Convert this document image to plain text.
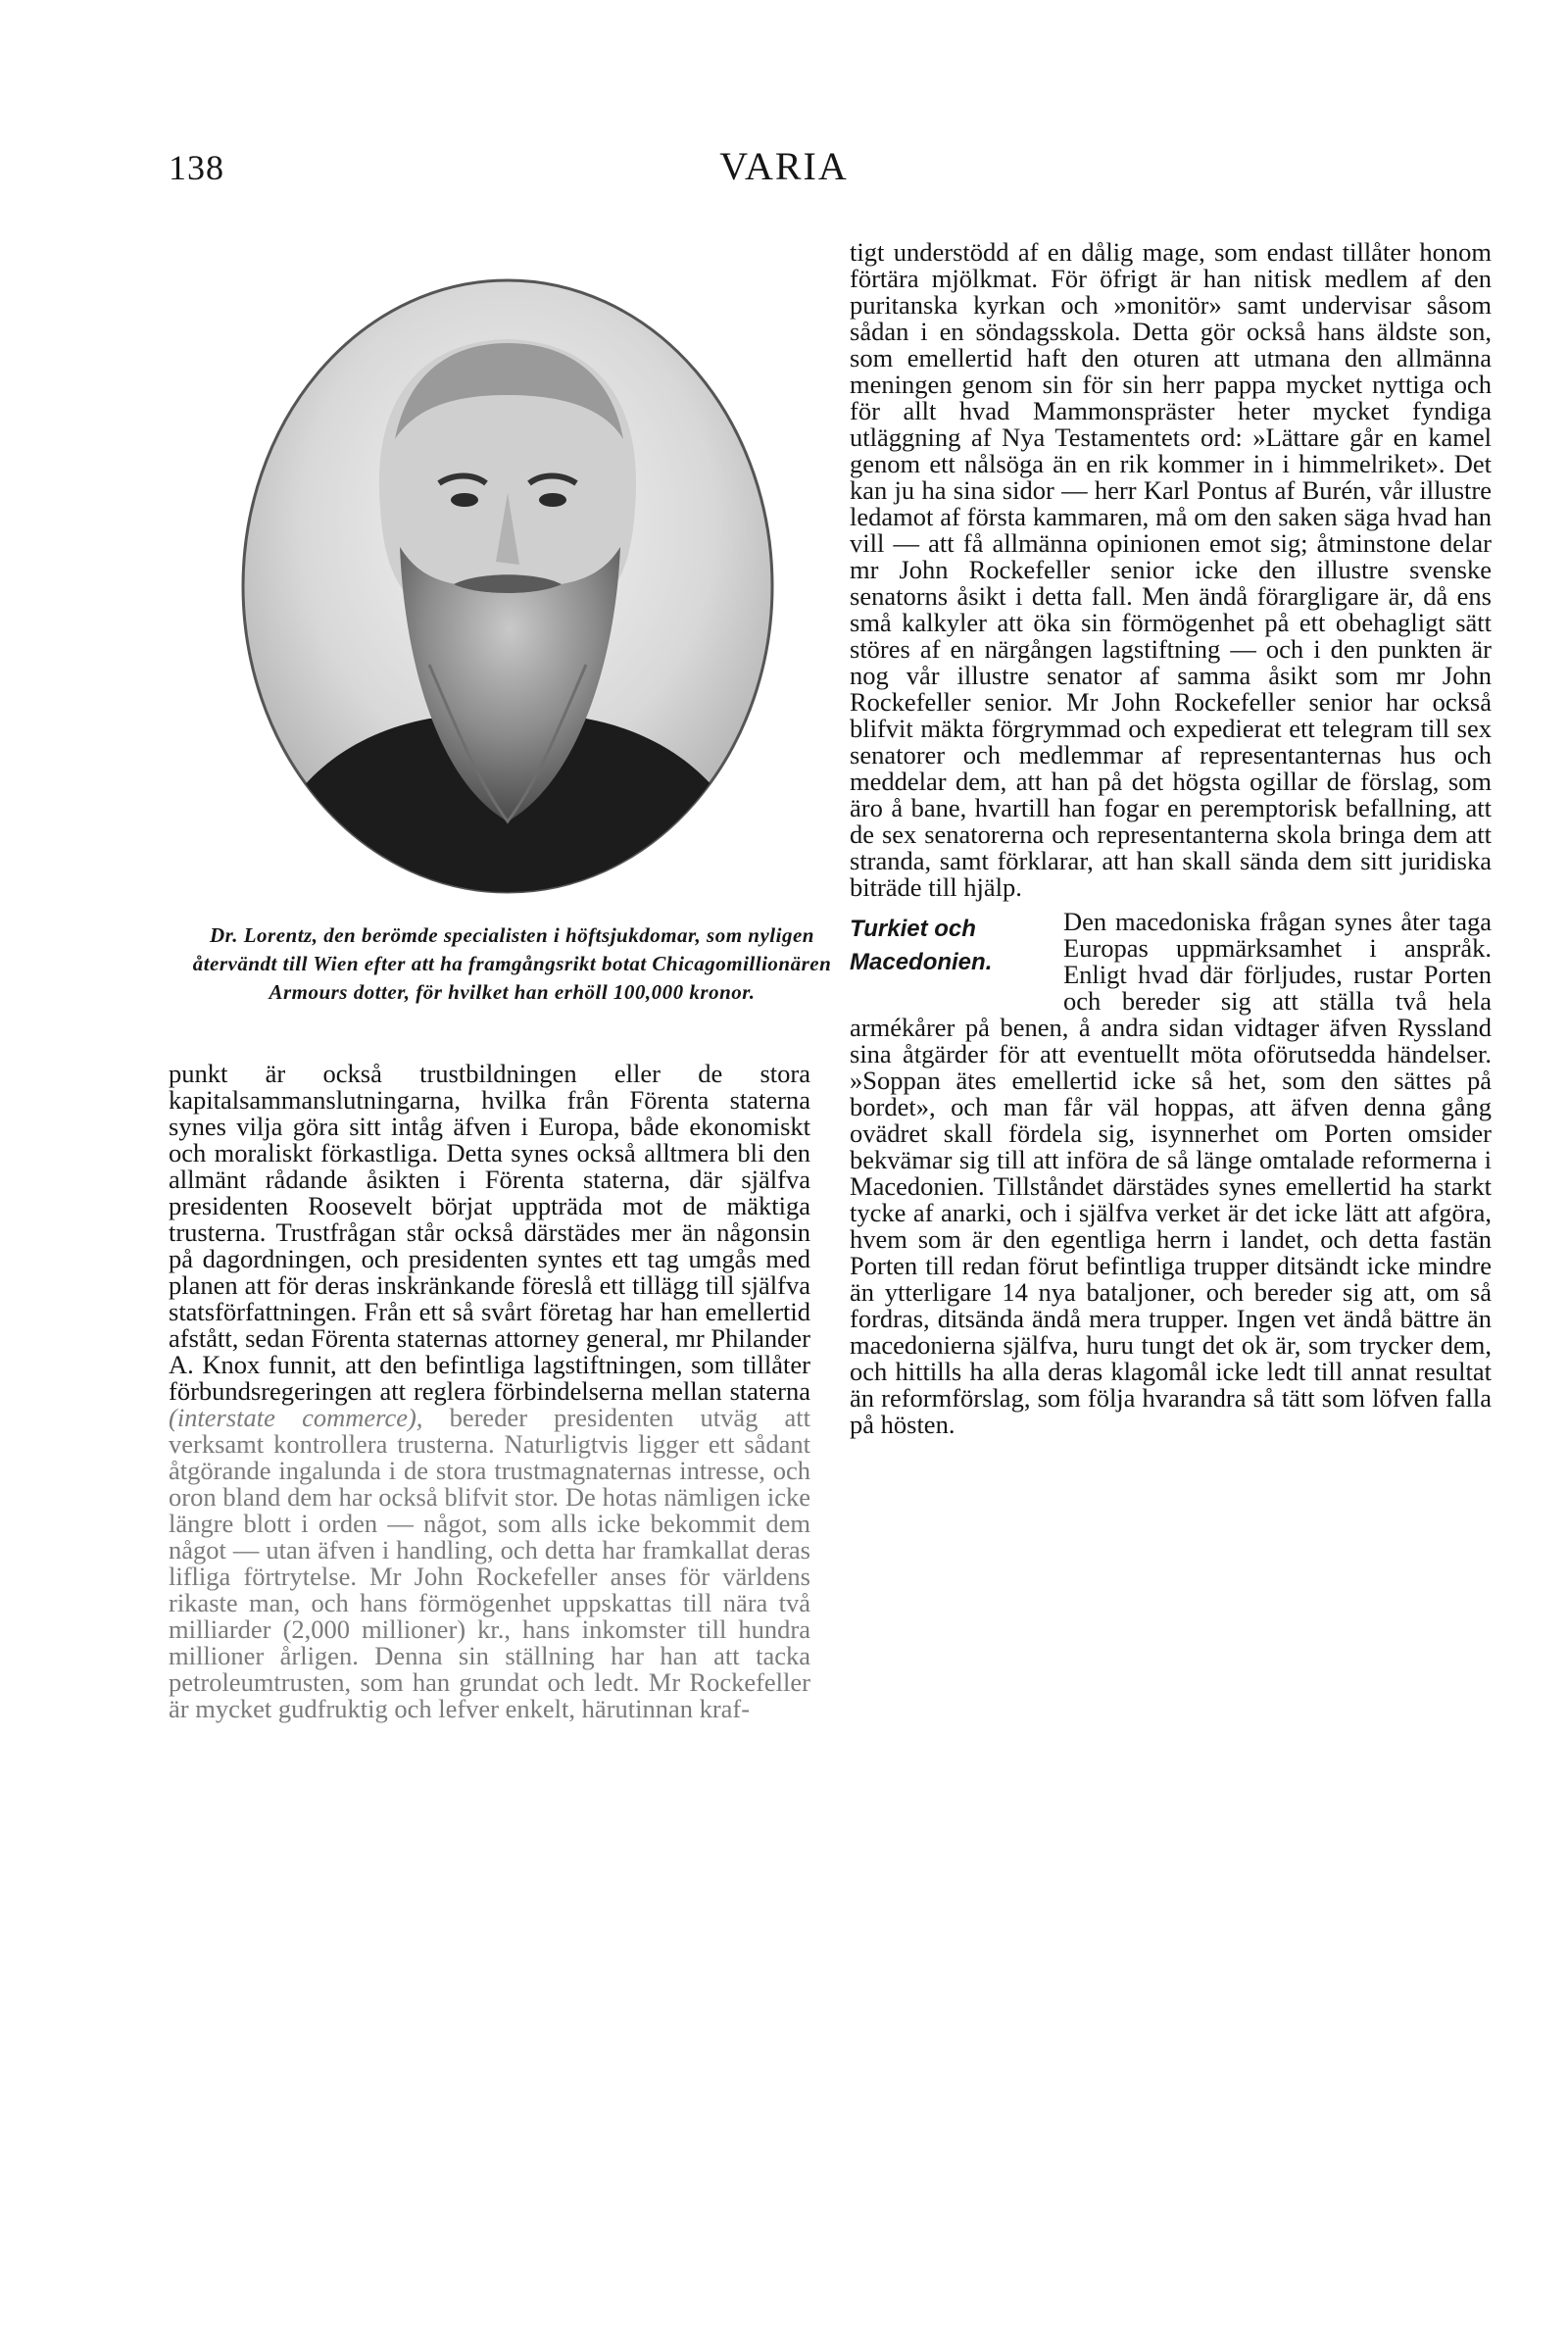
138	VARIA
Dr. Lorentz, den berömde specialisten i höftsjukdomar, som nyligen återvändt till Wien efter att ha framgångsrikt botat Chicagomillionären Armours dotter, för hvilket han erhöll 100,000 kronor.

punkt är också trustbildningen eller de stora kapitalsammanslutningarna, hvilka från Förenta staterna synes vilja göra sitt intåg äfven i Europa, både ekonomiskt och moraliskt förkastliga. Detta synes också alltmera bli den allmänt rådande åsikten i Förenta staterna, där själfva presidenten Roosevelt börjat uppträda mot de mäktiga trusterna. Trustfrågan står också därstädes mer än någonsin på dagordningen, och presidenten syntes ett tag umgås med planen att för deras inskränkande föreslå ett tillägg till själfva statsförfattningen. Från ett så svårt företag har han emellertid afstått, sedan Förenta staternas attorney general, mr Philander A. Knox funnit, att den befintliga lagstiftningen, som tillåter förbundsregeringen att reglera förbindelserna mellan staterna (interstate commerce), bereder presidenten utväg att verksamt kontrollera trusterna. Naturligtvis ligger ett sådant åtgörande ingalunda i de stora trustmagnaternas intresse, och oron bland dem har också blifvit stor. De hotas nämligen icke längre blott i orden — något, som alls icke bekommit dem något — utan äfven i handling, och detta har framkallat deras lifliga förtrytelse. Mr John Rockefeller anses för världens rikaste man, och hans förmögenhet uppskattas till nära två milliarder (2,000 millioner) kr., hans inkomster till hundra millioner årligen. Denna sin ställning har han att tacka petroleumtrusten, som han grundat och ledt. Mr Rockefeller är mycket gudfruktig och lefver enkelt, härutinnan kraf-

tigt understödd af en dålig mage, som endast tillåter honom förtära mjölkmat. För öfrigt är han nitisk medlem af den puritanska kyrkan och »monitör» samt undervisar såsom sådan i en söndagsskola. Detta gör också hans äldste son, som emellertid haft den oturen att utmana den allmänna meningen genom sin för sin herr pappa mycket nyttiga och för allt hvad Mammonspräster heter mycket fyndiga utläggning af Nya Testamentets ord: »Lättare går en kamel genom ett nålsöga än en rik kommer in i himmelriket». Det kan ju ha sina sidor — herr Karl Pontus af Burén, vår illustre ledamot af första kammaren, må om den saken säga hvad han vill — att få allmänna opinionen emot sig; åtminstone delar mr John Rockefeller senior icke den illustre svenske senatorns åsikt i detta fall. Men ändå förargligare är, då ens små kalkyler att öka sin förmögenhet på ett obehagligt sätt störes af en närgången lagstiftning — och i den punkten är nog vår illustre senator af samma åsikt som mr John Rockefeller senior. Mr John Rockefeller senior har också blifvit mäkta förgrymmad och expedierat ett telegram till sex senatorer och medlemmar af representanternas hus och meddelar dem, att han på det högsta ogillar de förslag, som äro å bane, hvartill han fogar en peremptorisk befallning, att de sex senatorerna och representanterna skola bringa dem att stranda, samt förklarar, att han skall sända dem sitt juridiska biträde till hjälp.

Turkiet och
Macedonien.
Den macedoniska frågan synes åter taga Europas uppmärksamhet i anspråk. Enligt hvad där förljudes, rustar Porten och bereder sig att ställa två hela armékårer på benen, å andra sidan vidtager äfven Ryssland sina åtgärder för att eventuellt möta oförutsedda händelser. »Soppan ätes emellertid icke så het, som den sättes på bordet», och man får väl hoppas, att äfven denna gång ovädret skall fördela sig, isynnerhet om Porten omsider bekvämar sig till att införa de så länge omtalade reformerna i Macedonien. Tillståndet därstädes synes emellertid ha starkt tycke af anarki, och i själfva verket är det icke lätt att afgöra, hvem som är den egentliga herrn i landet, och detta fastän Porten till redan förut befintliga trupper ditsändt icke mindre än ytterligare 14 nya bataljoner, och bereder sig att, om så fordras, ditsända ändå mera trupper. Ingen vet ändå bättre än macedonierna själfva, huru tungt det ok är, som trycker dem, och hittills ha alla deras klagomål icke ledt till annat resultat än reformförslag, som följa hvarandra så tätt som löfven falla på hösten.
